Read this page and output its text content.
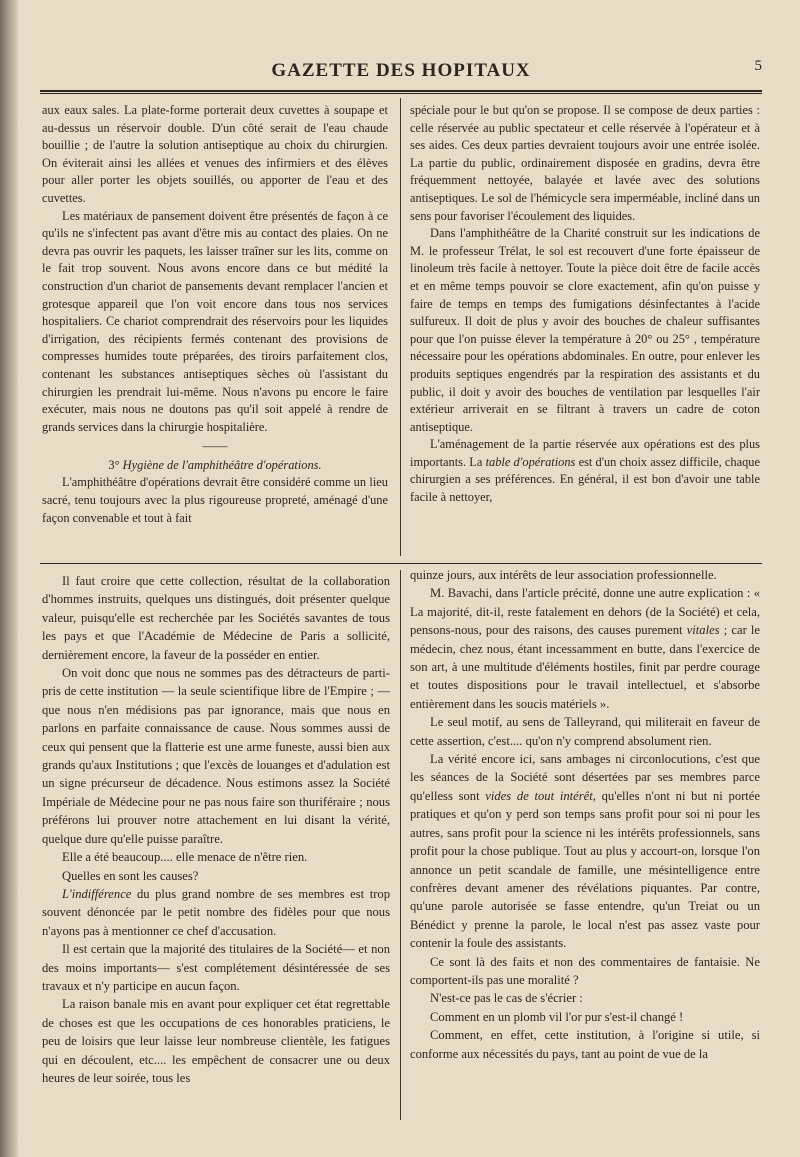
GAZETTE DES HOPITAUX	5

aux eaux sales. La plate-forme porterait deux cuvettes à soupape et au-dessus un réservoir double. D'un côté serait de l'eau chaude bouillie ; de l'autre la solution antiseptique au choix du chirurgien. On éviterait ainsi les allées et venues des infirmiers et des élèves pour aller porter les objets souillés, ou apporter de l'eau et des cuvettes.

Les matériaux de pansement doivent être présentés de façon à ce qu'ils ne s'infectent pas avant d'être mis au contact des plaies. On ne devra pas ouvrir les paquets, les laisser traîner sur les lits, comme on le fait trop souvent. Nous avons encore dans ce but médité la construction d'un chariot de pansements devant remplacer l'ancien et grotesque appareil que l'on voit encore dans tous nos services hospitaliers. Ce chariot comprendrait des réservoirs pour les liquides d'irrigation, des récipients fermés contenant des provisions de compresses humides toute préparées, des tiroirs parfaitement clos, contenant les substances antiseptiques sèches où l'assistant du chirurgien les prendrait lui-même. Nous n'avons pu encore le faire exécuter, mais nous ne doutons pas qu'il soit appelé à rendre de grands services dans la chirurgie hospitalière.

——

3° Hygiène de l'amphithéâtre d'opérations.

L'amphithéâtre d'opérations devrait être considéré comme un lieu sacré, tenu toujours avec la plus rigoureuse propreté, aménagé d'une façon convenable et tout à fait

spéciale pour le but qu'on se propose. Il se compose de deux parties : celle réservée au public spectateur et celle réservée à l'opérateur et à ses aides. Ces deux parties devraient toujours avoir une entrée isolée. La partie du public, ordinairement disposée en gradins, devra être fréquemment nettoyée, balayée et lavée avec des solutions antiseptiques. Le sol de l'hémicycle sera imperméable, incliné dans un sens pour favoriser l'écoulement des liquides.

Dans l'amphithéâtre de la Charité construit sur les indications de M. le professeur Trélat, le sol est recouvert d'une forte épaisseur de linoleum très facile à nettoyer. Toute la pièce doit être de facile accès et en même temps pouvoir se clore exactement, afin qu'on puisse y faire de temps en temps des fumigations désinfectantes à l'acide sulfureux. Il doit de plus y avoir des bouches de chaleur suffisantes pour que l'on puisse élever la température à 20° ou 25° , température nécessaire pour les opérations abdominales. En outre, pour enlever les produits septiques engendrés par la respiration des assistants et du public, il doit y avoir des bouches de ventilation par lesquelles l'air extérieur arriverait en se filtrant à travers un cadre de coton antiseptique.

L'aménagement de la partie réservée aux opérations est des plus importants. La table d'opérations est d'un choix assez difficile, chaque chirurgien a ses préférences. En général, il est bon d'avoir une table facile à nettoyer,

Il faut croire que cette collection, résultat de la collaboration d'hommes instruits, quelques uns distingués, doit présenter quelque valeur, puisqu'elle est recherchée par les Sociétés savantes de tous les pays et que l'Académie de Médecine de Paris a sollicité, dernièrement encore, la faveur de la posséder en entier.

On voit donc que nous ne sommes pas des détracteurs de parti-pris de cette institution — la seule scientifique libre de l'Empire ; — que nous n'en médisions pas par ignorance, mais que nous en parlons en parfaite connaissance de cause. Nous sommes aussi de ceux qui pensent que la flatterie est une arme funeste, aussi bien aux grands qu'aux Institutions ; que l'excès de louanges et d'adulation est un signe précurseur de décadence. Nous estimons assez la Société Impériale de Médecine pour ne pas nous faire son thuriféraire ; nous préférons lui prouver notre attachement en lui disant la vérité, quelque dure qu'elle puisse paraître.

Elle a été beaucoup.... elle menace de n'être rien.

Quelles en sont les causes?

L'indifférence du plus grand nombre de ses membres est trop souvent dénoncée par le petit nombre des fidèles pour que nous n'ayons pas à mentionner ce chef d'accusation.

Il est certain que la majorité des titulaires de la Société— et non des moins importants— s'est complétement désintéressée de ses travaux et n'y participe en aucun façon.

La raison banale mis en avant pour expliquer cet état regrettable de choses est que les occupations de ces honorables praticiens, le peu de loisirs que leur laisse leur nombreuse clientèle, les fatigues qui en découlent, etc.... les empêchent de consacrer une ou deux heures de leur soirée, tous les

quinze jours, aux intérêts de leur association professionnelle.

M. Bavachi, dans l'article précité, donne une autre explication : « La majorité, dit-il, reste fatalement en dehors (de la Société) et cela, pensons-nous, pour des raisons, des causes purement vitales ; car le médecin, chez nous, étant incessamment en butte, dans l'exercice de son art, à une multitude d'éléments hostiles, finit par perdre courage et toutes dispositions pour le travail intellectuel, et s'absorbe entièrement dans les soucis matériels ».

Le seul motif, au sens de Talleyrand, qui militerait en faveur de cette assertion, c'est.... qu'on n'y comprend absolument rien.

La vérité encore ici, sans ambages ni circonlocutions, c'est que les séances de la Société sont désertées par ses membres parce qu'elless sont vides de tout intérêt, qu'elles n'ont ni but ni portée pratiques et qu'on y perd son temps sans profit pour soi ni pour les autres, sans profit pour la science ni les intérêts professionnels, sans profit pour la chose publique. Tout au plus y accourt-on, lorsque l'on annonce un petit scandale de famille, une mésintelligence entre confrères devant amener des révélations piquantes. Par contre, qu'une parole autorisée se fasse entendre, qu'un Treiat ou un Bénédict y prenne la parole, le local n'est pas assez vaste pour contenir la foule des assistants.

Ce sont là des faits et non des commentaires de fantaisie. Ne comportent-ils pas une moralité ?

N'est-ce pas le cas de s'écrier :

Comment en un plomb vil l'or pur s'est-il changé !

Comment, en effet, cette institution, à l'origine si utile, si conforme aux nécessités du pays, tant au point de vue de la
